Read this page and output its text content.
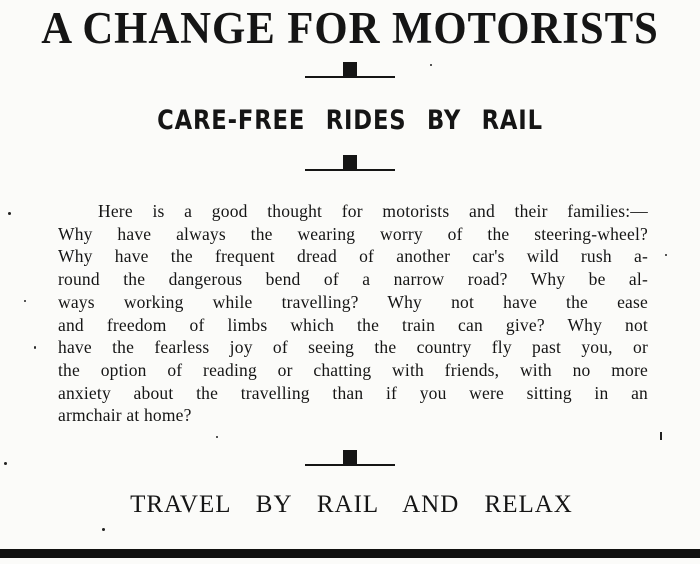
A CHANGE FOR MOTORISTS
CARE-FREE RIDES BY RAIL
Here is a good thought for motorists and their families:—
Why have always the wearing worry of the steering-wheel?
Why have the frequent dread of another car's wild rush a-
round the dangerous bend of a narrow road? Why be al-
ways working while travelling? Why not have the ease
and freedom of limbs which the train can give? Why not
have the fearless joy of seeing the country fly past you, or
the option of reading or chatting with friends, with no more
anxiety about the travelling than if you were sitting in an
armchair at home?
TRAVEL BY RAIL AND RELAX
